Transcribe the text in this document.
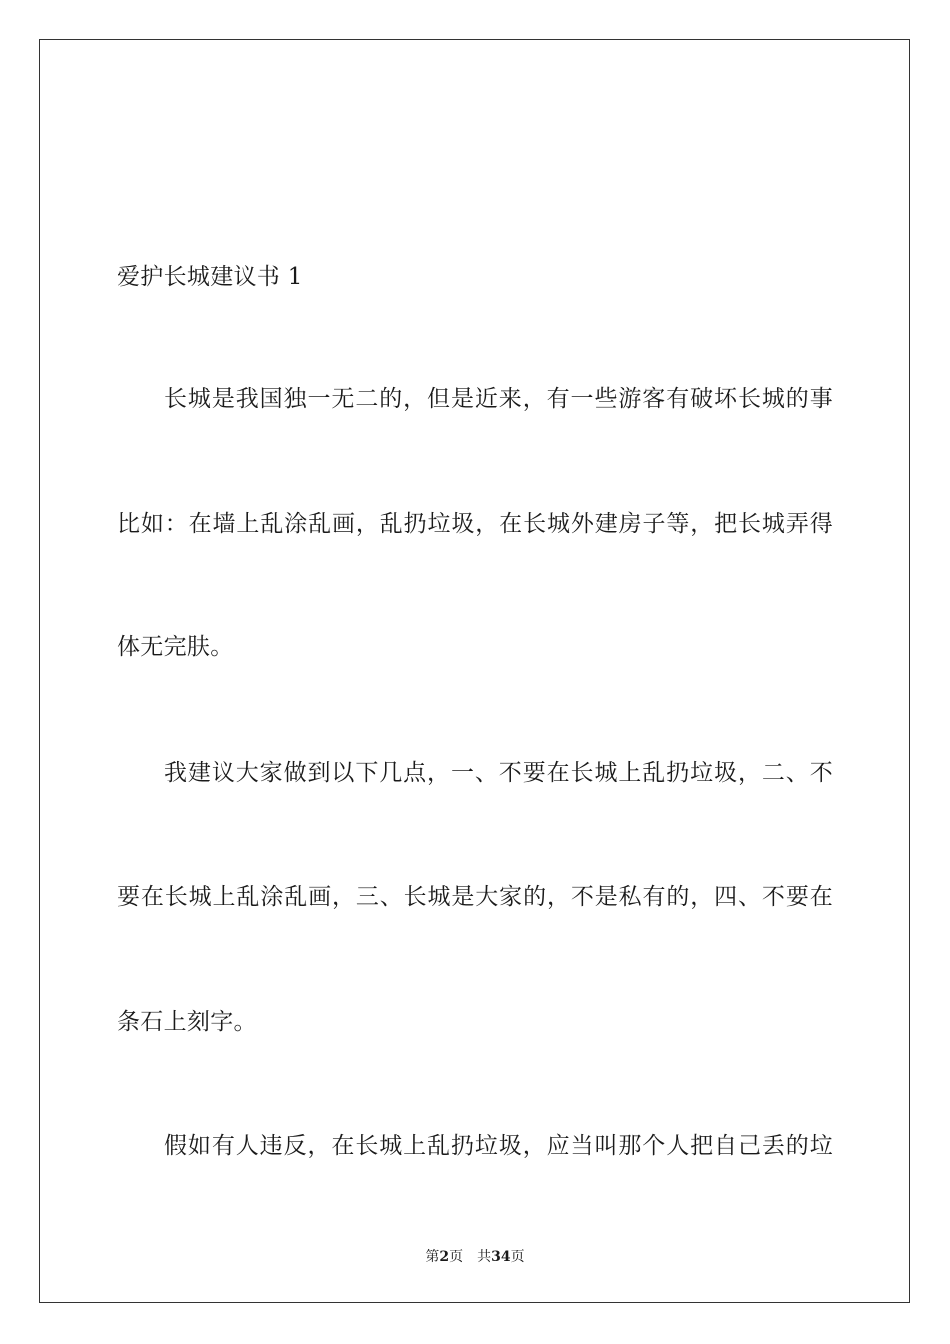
爱护长城建议书 1
长城是我国独一无二的，但是近来，有一些游客有破坏长城的事
比如：在墙上乱涂乱画，乱扔垃圾，在长城外建房子等，把长城弄得
体无完肤。
我建议大家做到以下几点，一、不要在长城上乱扔垃圾，二、不
要在长城上乱涂乱画，三、长城是大家的，不是私有的，四、不要在
条石上刻字。
假如有人违反，在长城上乱扔垃圾，应当叫那个人把自己丢的垃
第2页 共34页
